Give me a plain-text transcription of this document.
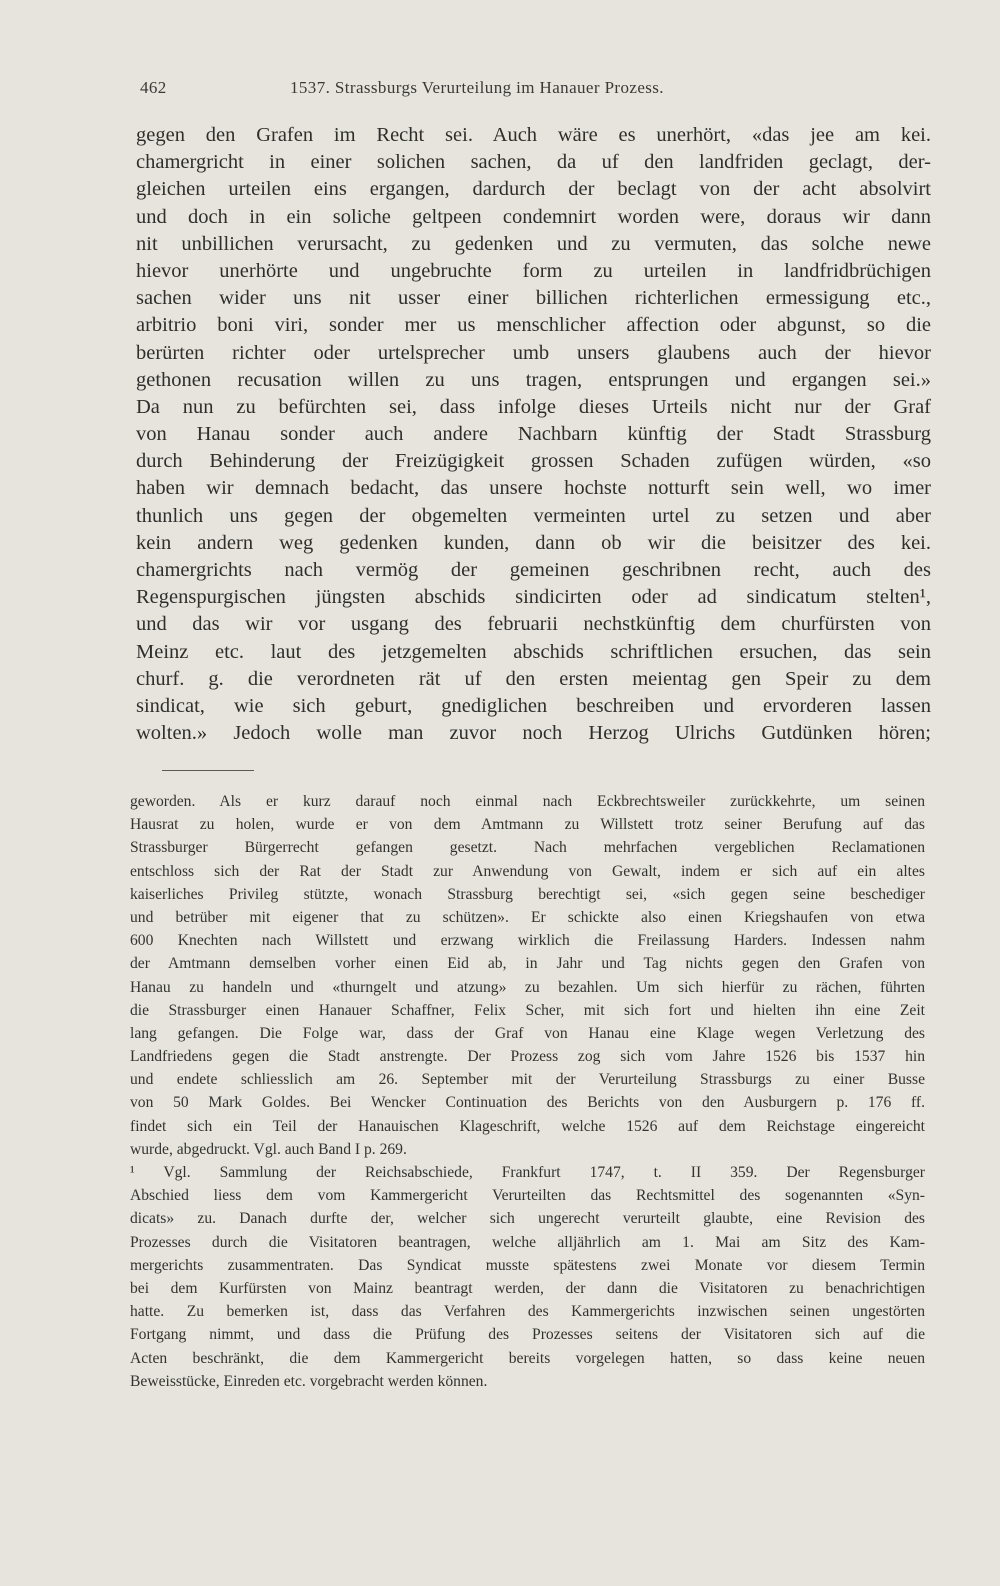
462	1537. Strassburgs Verurteilung im Hanauer Prozess.
gegen den Grafen im Recht sei. Auch wäre es unerhört, «das jee am kei.
chamergricht in einer solichen sachen, da uf den landfriden geclagt, der-
gleichen urteilen eins ergangen, dardurch der beclagt von der acht absolvirt
und doch in ein soliche geltpeen condemnirt worden were, doraus wir dann
nit unbillichen verursacht, zu gedenken und zu vermuten, das solche newe
hievor unerhörte und ungebruchte form zu urteilen in landfridbrüchigen
sachen wider uns nit usser einer billichen richterlichen ermessigung etc.,
arbitrio boni viri, sonder mer us menschlicher affection oder abgunst, so die
berürten richter oder urtelsprecher umb unsers glaubens auch der hievor
gethonen recusation willen zu uns tragen, entsprungen und ergangen sei.»
Da nun zu befürchten sei, dass infolge dieses Urteils nicht nur der Graf
von Hanau sonder auch andere Nachbarn künftig der Stadt Strassburg
durch Behinderung der Freizügigkeit grossen Schaden zufügen würden, «so
haben wir demnach bedacht, das unsere hochste notturft sein well, wo imer
thunlich uns gegen der obgemelten vermeinten urtel zu setzen und aber
kein andern weg gedenken kunden, dann ob wir die beisitzer des kei.
chamergrichts nach vermög der gemeinen geschribnen recht, auch des
Regenspurgischen jüngsten abschids sindicirten oder ad sindicatum stelten¹,
und das wir vor usgang des februarii nechstkünftig dem churfürsten von
Meinz etc. laut des jetzgemelten abschids schriftlichen ersuchen, das sein
churf. g. die verordneten rät uf den ersten meientag gen Speir zu dem
sindicat, wie sich geburt, gnediglichen beschreiben und ervorderen lassen
wolten.» Jedoch wolle man zuvor noch Herzog Ulrichs Gutdünken hören;
geworden. Als er kurz darauf noch einmal nach Eckbrechtsweiler zurückkehrte, um seinen
Hausrat zu holen, wurde er von dem Amtmann zu Willstett trotz seiner Berufung auf das
Strassburger Bürgerrecht gefangen gesetzt. Nach mehrfachen vergeblichen Reclamationen
entschloss sich der Rat der Stadt zur Anwendung von Gewalt, indem er sich auf ein altes
kaiserliches Privileg stützte, wonach Strassburg berechtigt sei, «sich gegen seine beschediger
und betrüber mit eigener that zu schützen». Er schickte also einen Kriegshaufen von etwa
600 Knechten nach Willstett und erzwang wirklich die Freilassung Harders. Indessen nahm
der Amtmann demselben vorher einen Eid ab, in Jahr und Tag nichts gegen den Grafen von
Hanau zu handeln und «thurngelt und atzung» zu bezahlen. Um sich hierfür zu rächen, führten
die Strassburger einen Hanauer Schaffner, Felix Scher, mit sich fort und hielten ihn eine Zeit
lang gefangen. Die Folge war, dass der Graf von Hanau eine Klage wegen Verletzung des
Landfriedens gegen die Stadt anstrengte. Der Prozess zog sich vom Jahre 1526 bis 1537 hin
und endete schliesslich am 26. September mit der Verurteilung Strassburgs zu einer Busse
von 50 Mark Goldes. Bei Wencker Continuation des Berichts von den Ausburgern p. 176 ff.
findet sich ein Teil der Hanauischen Klageschrift, welche 1526 auf dem Reichstage eingereicht
wurde, abgedruckt. Vgl. auch Band I p. 269.
¹ Vgl. Sammlung der Reichsabschiede, Frankfurt 1747, t. II 359. Der Regensburger
Abschied liess dem vom Kammergericht Verurteilten das Rechtsmittel des sogenannten «Syn-
dicats» zu. Danach durfte der, welcher sich ungerecht verurteilt glaubte, eine Revision des
Prozesses durch die Visitatoren beantragen, welche alljährlich am 1. Mai am Sitz des Kam-
mergerichts zusammentraten. Das Syndicat musste spätestens zwei Monate vor diesem Termin
bei dem Kurfürsten von Mainz beantragt werden, der dann die Visitatoren zu benachrichtigen
hatte. Zu bemerken ist, dass das Verfahren des Kammergerichts inzwischen seinen ungestörten
Fortgang nimmt, und dass die Prüfung des Prozesses seitens der Visitatoren sich auf die
Acten beschränkt, die dem Kammergericht bereits vorgelegen hatten, so dass keine neuen
Beweisstücke, Einreden etc. vorgebracht werden können.
